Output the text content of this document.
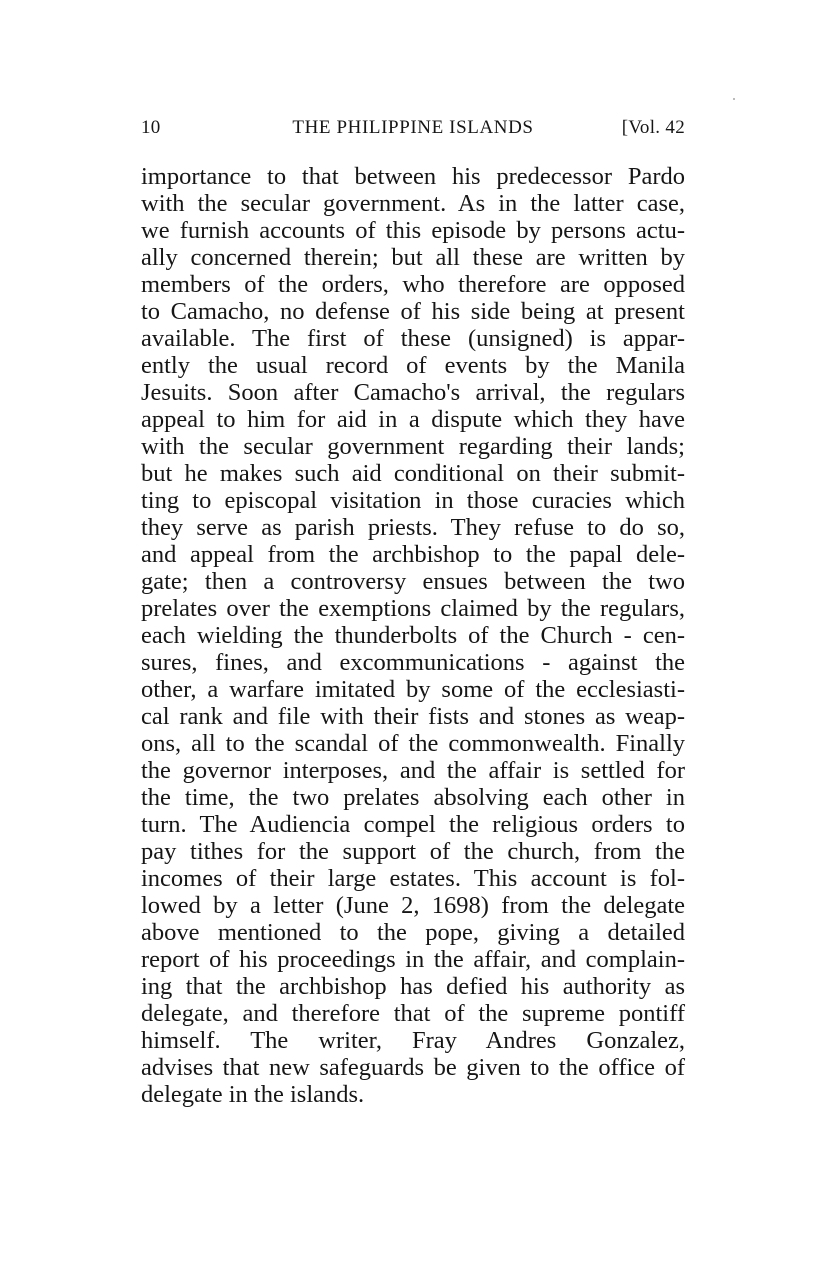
10	THE PHILIPPINE ISLANDS	[Vol. 42
importance to that between his predecessor Pardo
with the secular government. As in the latter case,
we furnish accounts of this episode by persons actu-
ally concerned therein; but all these are written by
members of the orders, who therefore are opposed
to Camacho, no defense of his side being at present
available. The first of these (unsigned) is appar-
ently the usual record of events by the Manila
Jesuits. Soon after Camacho's arrival, the regulars
appeal to him for aid in a dispute which they have
with the secular government regarding their lands;
but he makes such aid conditional on their submit-
ting to episcopal visitation in those curacies which
they serve as parish priests. They refuse to do so,
and appeal from the archbishop to the papal dele-
gate; then a controversy ensues between the two
prelates over the exemptions claimed by the regulars,
each wielding the thunderbolts of the Church - cen-
sures, fines, and excommunications - against the
other, a warfare imitated by some of the ecclesiasti-
cal rank and file with their fists and stones as weap-
ons, all to the scandal of the commonwealth. Finally
the governor interposes, and the affair is settled for
the time, the two prelates absolving each other in
turn. The Audiencia compel the religious orders to
pay tithes for the support of the church, from the
incomes of their large estates. This account is fol-
lowed by a letter (June 2, 1698) from the delegate
above mentioned to the pope, giving a detailed
report of his proceedings in the affair, and complain-
ing that the archbishop has defied his authority as
delegate, and therefore that of the supreme pontiff
himself. The writer, Fray Andres Gonzalez,
advises that new safeguards be given to the office of
delegate in the islands.
